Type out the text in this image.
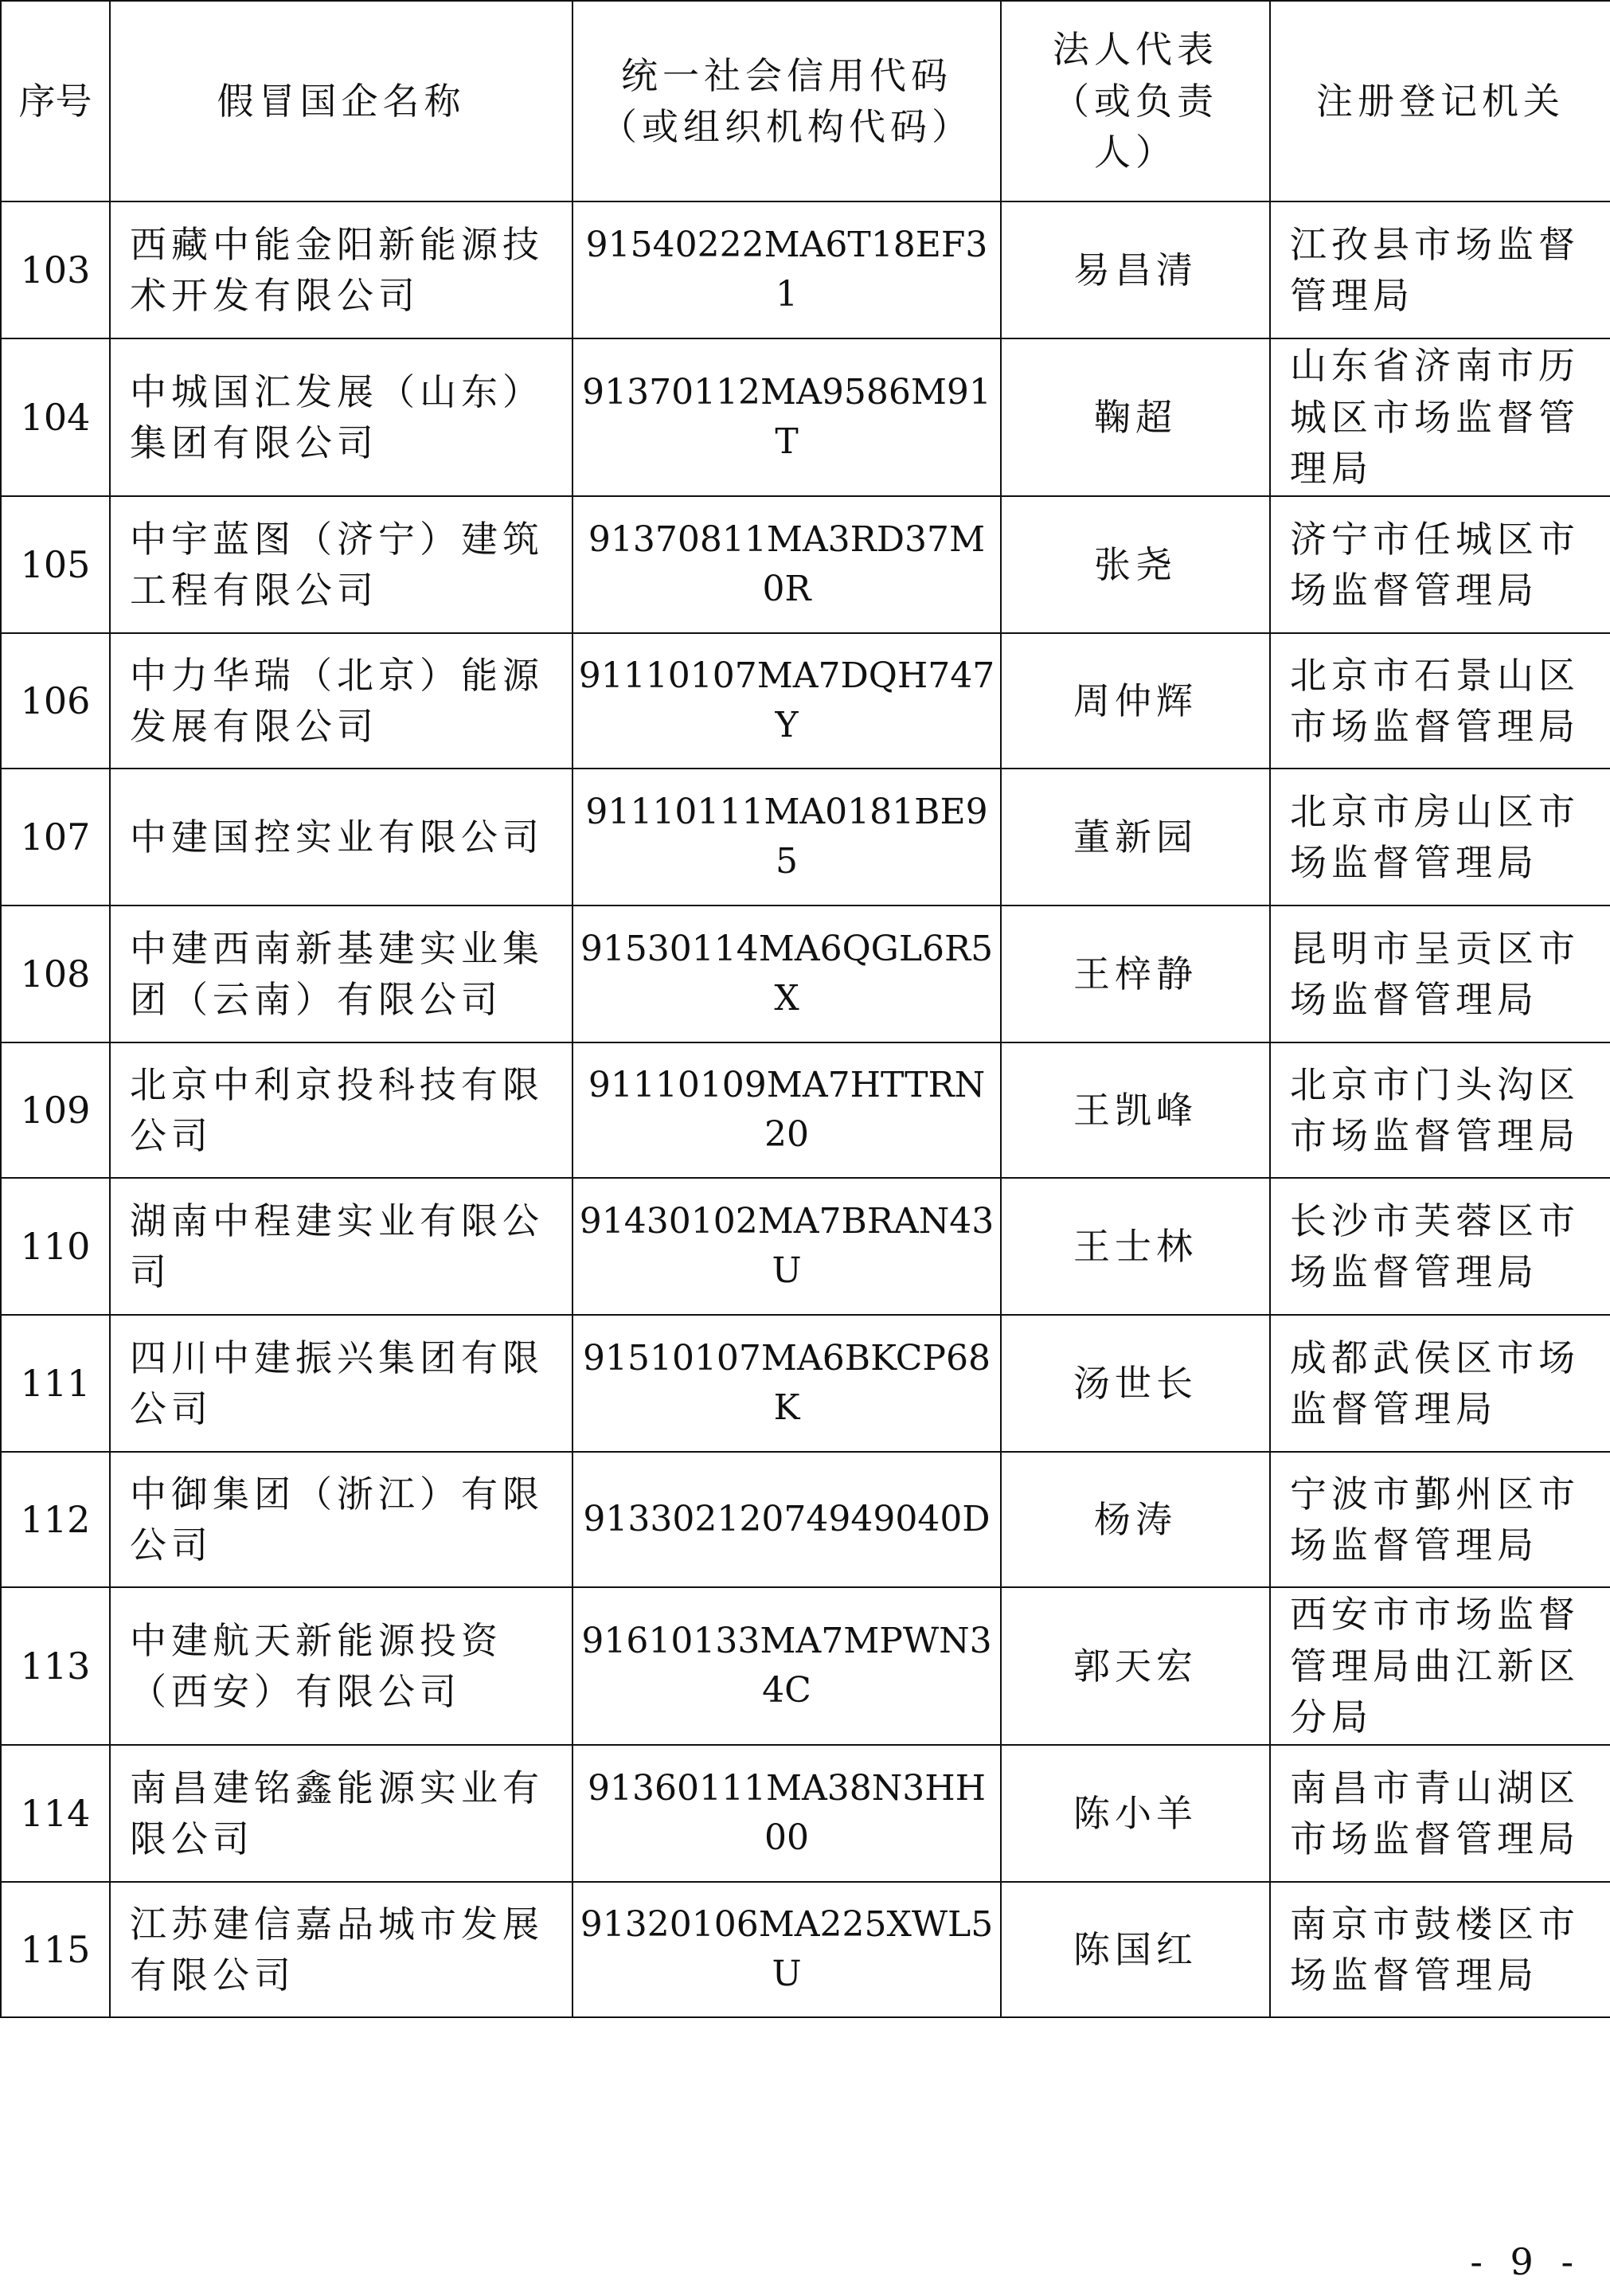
序号	假冒国企名称	统一社会信用代码（或组织机构代码）	法人代表（或负责人）	注册登记机关
103	西藏中能金阳新能源技术开发有限公司	91540222MA6T18EF31	易昌清	江孜县市场监督管理局
104	中城国汇发展（山东）集团有限公司	91370112MA9586M91T	鞠超	山东省济南市历城区市场监督管理局
105	中宇蓝图（济宁）建筑工程有限公司	91370811MA3RD37M0R	张尧	济宁市任城区市场监督管理局
106	中力华瑞（北京）能源发展有限公司	91110107MA7DQH747Y	周仲辉	北京市石景山区市场监督管理局
107	中建国控实业有限公司	91110111MA0181BE95	董新园	北京市房山区市场监督管理局
108	中建西南新基建实业集团（云南）有限公司	91530114MA6QGL6R5X	王梓静	昆明市呈贡区市场监督管理局
109	北京中利京投科技有限公司	91110109MA7HTTRN20	王凯峰	北京市门头沟区市场监督管理局
110	湖南中程建实业有限公司	91430102MA7BRAN43U	王士林	长沙市芙蓉区市场监督管理局
111	四川中建振兴集团有限公司	91510107MA6BKCP68K	汤世长	成都武侯区市场监督管理局
112	中御集团（浙江）有限公司	913302120749490​40D	杨涛	宁波市鄞州区市场监督管理局
113	中建航天新能源投资（西安）有限公司	91610133MA7MPWN34C	郭天宏	西安市市场监督管理局曲江新区分局
114	南昌建铭鑫能源实业有限公司	91360111MA38N3HH00	陈小羊	南昌市青山湖区市场监督管理局
115	江苏建信嘉品城市发展有限公司	91320106MA225XWL5U	陈国红	南京市鼓楼区市场监督管理局
- 9 -
